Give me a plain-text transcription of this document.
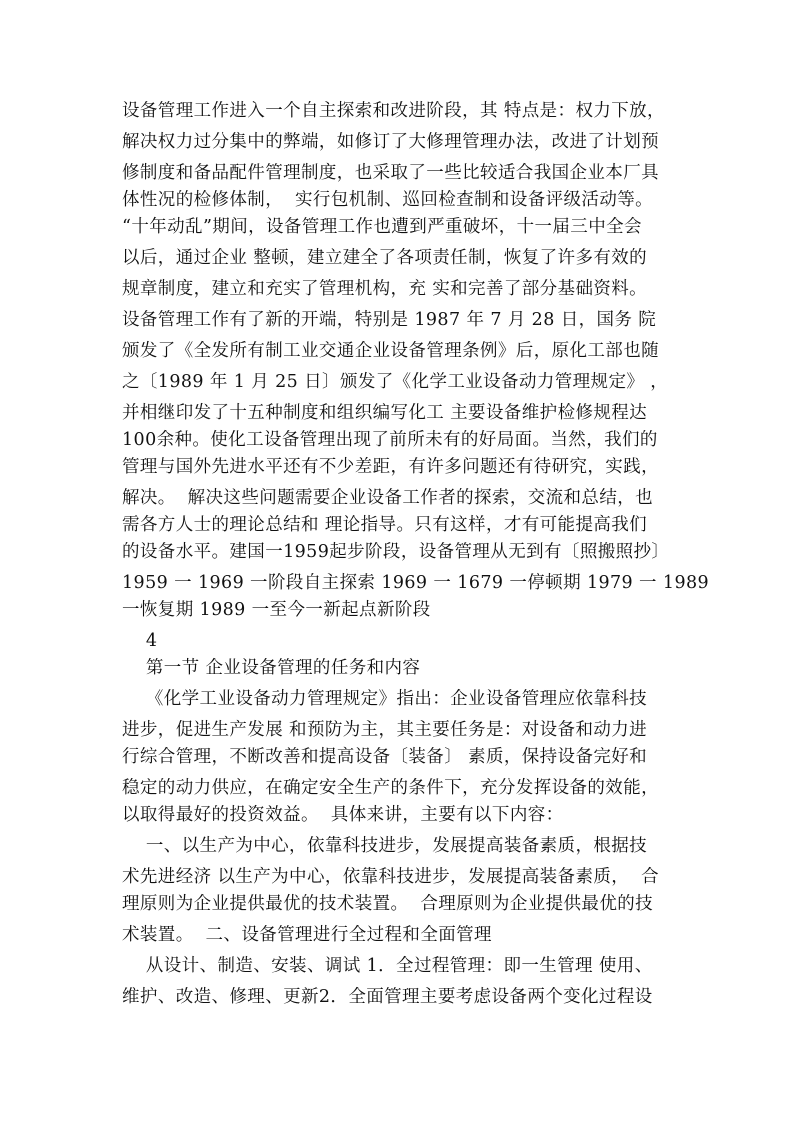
设备管理工作进入一个自主探索和改进阶段，其 特点是：权力下放，
解决权力过分集中的弊端，如修订了大修理管理办法，改进了计划预
修制度和备品配件管理制度，也采取了一些比较适合我国企业本厂具
体性况的检修体制，  实行包机制、巡回检查制和设备评级活动等。
“十年动乱”期间，设备管理工作也遭到严重破坏，十一届三中全会
以后，通过企业 整顿，建立建全了各项责任制，恢复了许多有效的
规章制度，建立和充实了管理机构，充 实和完善了部分基础资料。
设备管理工作有了新的开端，特别是 1987 年 7 月 28 日，国务 院
颁发了《全发所有制工业交通企业设备管理条例》后，原化工部也随
之〔1989 年 1 月 25 日〕颁发了《化学工业设备动力管理规定》 ，
并相继印发了十五种制度和组织编写化工 主要设备维护检修规程达
100余种。使化工设备管理出现了前所未有的好局面。当然，我们的
管理与国外先进水平还有不少差距，有许多问题还有待研究，实践，
解决。  解决这些问题需要企业设备工作者的探索，交流和总结，也
需各方人士的理论总结和 理论指导。只有这样，才有可能提高我们
的设备水平。建国一1959起步阶段，设备管理从无到有〔照搬照抄〕
1959 一 1969 一阶段自主探索 1969 一 1679 一停顿期 1979 一 1989
一恢复期 1989 一至今一新起点新阶段
4
第一节 企业设备管理的任务和内容
《化学工业设备动力管理规定》指出：企业设备管理应依靠科技
进步，促进生产发展 和预防为主，其主要任务是：对设备和动力进
行综合管理，不断改善和提高设备〔装备〕 素质，保持设备完好和
稳定的动力供应，在确定安全生产的条件下，充分发挥设备的效能，
以取得最好的投资效益。  具体来讲，主要有以下内容：
一、以生产为中心，依靠科技进步，发展提高装备素质，根据技
术先进经济 以生产为中心，依靠科技进步，发展提高装备素质，  合
理原则为企业提供最优的技术装置。  合理原则为企业提供最优的技
术装置。  二、设备管理进行全过程和全面管理
从设计、制造、安装、调试 1．全过程管理：即一生管理 使用、
维护、改造、修理、更新2．全面管理主要考虑设备两个变化过程设
